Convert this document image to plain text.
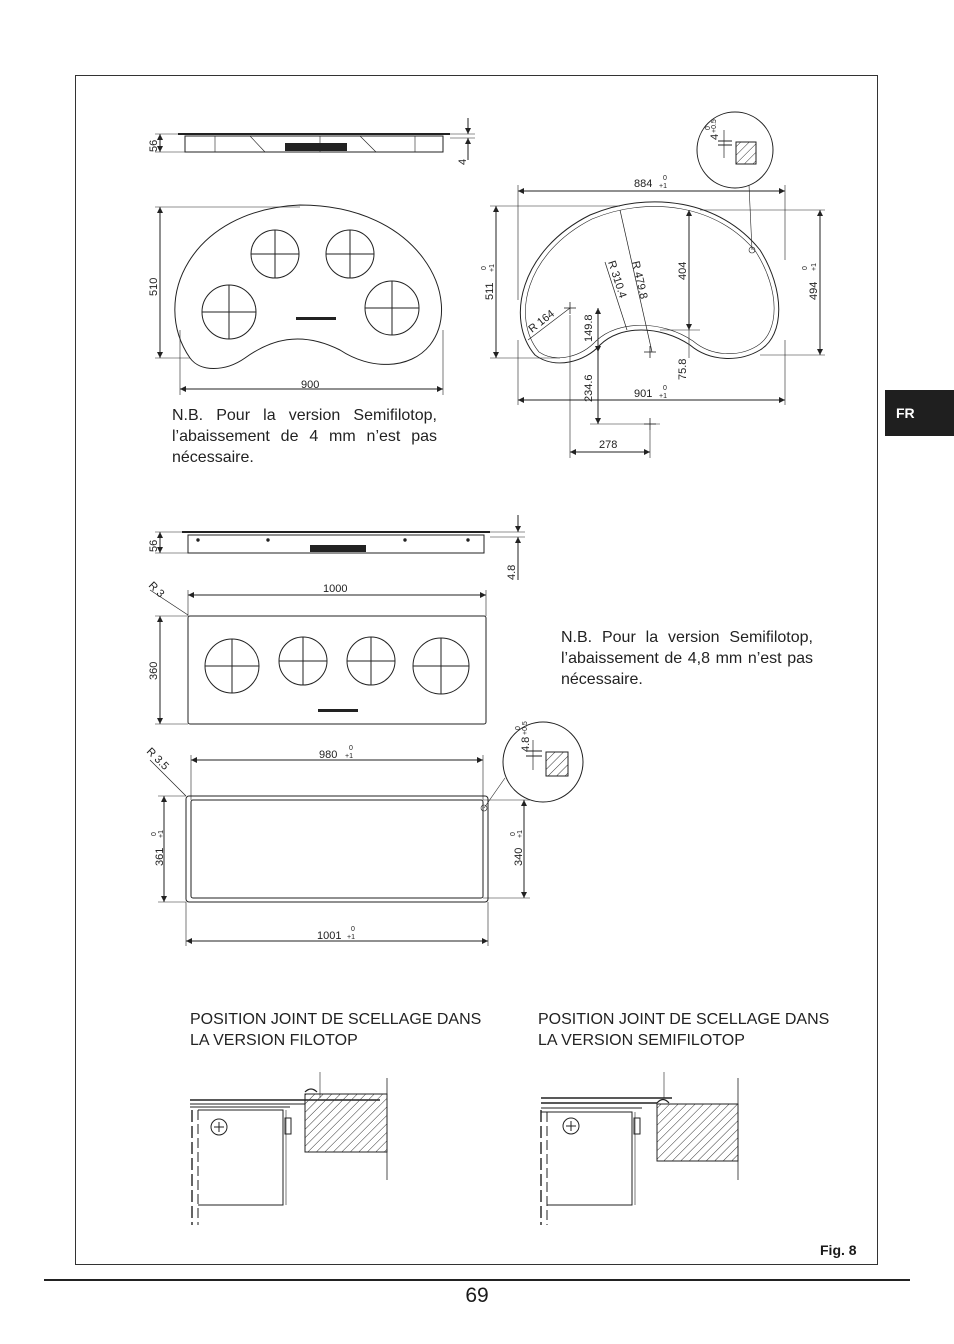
56
4
510
900
884 0
+1
511
0 +1
494
0 +1
R 479.8
R 310.4
R 164
404
149.8
234.6
75.8
901 0
+1
278
4
0 +0.5
56
4.8
R 3	1000
360
R 3.5	980
0
+1
361
0 +1
340
0 +1
1001
0
+1
4.8
0 +0.5
N.B. Pour la version Semifilotop, l’abaissement de 4 mm n’est pas nécessaire.
N.B. Pour la version Semifilotop, l’abaissement de 4,8 mm n’est pas nécessaire.
POSITION JOINT DE SCELLAGE DANS LA VERSION FILOTOP
POSITION JOINT DE SCELLAGE DANS LA VERSION SEMIFILOTOP
Fig. 8
FR
69
